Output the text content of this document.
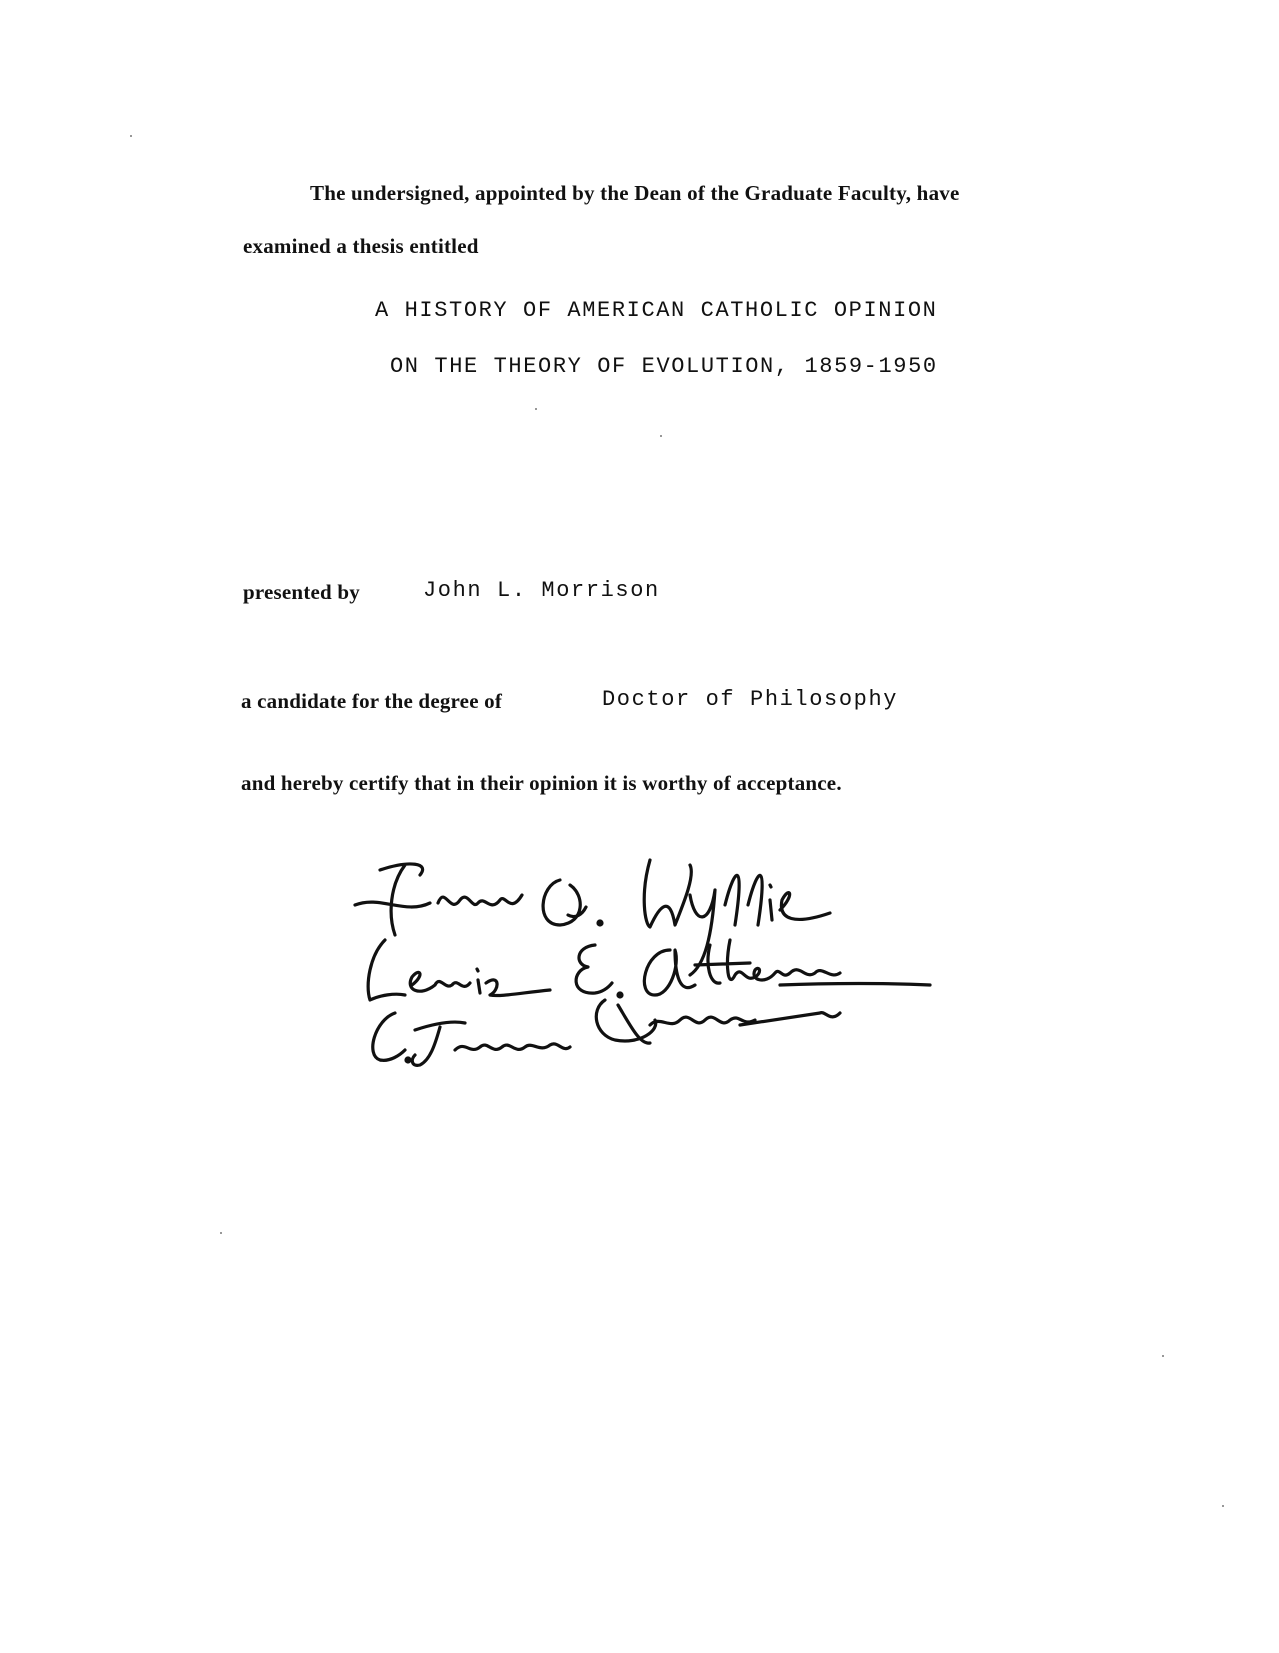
The undersigned, appointed by the Dean of the Graduate Faculty, have
examined a thesis entitled
A HISTORY OF AMERICAN CATHOLIC OPINION
ON THE THEORY OF EVOLUTION, 1859-1950
presented by	John L. Morrison
a candidate for the degree of	Doctor of Philosophy
and hereby certify that in their opinion it is worthy of acceptance.
